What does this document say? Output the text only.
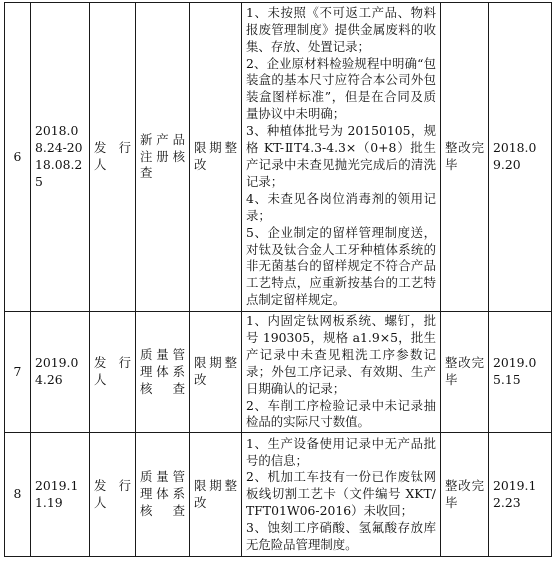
6	2018.08.24-2018.08.25	发行人	新产品注册核查	限期整改	1、未按照《不可返工产品、物料报废管理制度》提供金属废料的收集、存放、处置记录；
2、企业原材料检验规程中明确“包装盒的基本尺寸应符合本公司外包装盒图样标准”，但是在合同及质量协议中未明确；
3、种植体批号为 20150105，规格 KT-ⅡT4.3-4.3×（0+8）批生产记录中未查见抛光完成后的清洗记录；
4、未查见各岗位消毒剂的领用记录；
5、企业制定的留样管理制度送，对钛及钛合金人工牙种植体系统的非无菌基台的留样规定不符合产品工艺特点，应重新按基台的工艺特点制定留样规定。	整改完毕	2018.09.20
7	2019.04.26	发行人	质量管理体系核查	限期整改	1、内固定钛网板系统、螺钉，批号 190305，规格 a1.9×5，批生产记录中未查见粗洗工序参数记录；外包工序记录、有效期、生产日期确认的记录；
2、车削工序检验记录中未记录抽检品的实际尺寸数值。	整改完毕	2019.05.15
8	2019.11.19	发行人	质量管理体系核查	限期整改	1、生产设备使用记录中无产品批号的信息；
2、机加工车技有一份已作废钛网板线切割工艺卡（文件编号 XKT/TFT01W06-2016）未收回；
3、蚀刻工序硝酸、氢氟酸存放库无危险品管理制度。	整改完毕	2019.12.23
